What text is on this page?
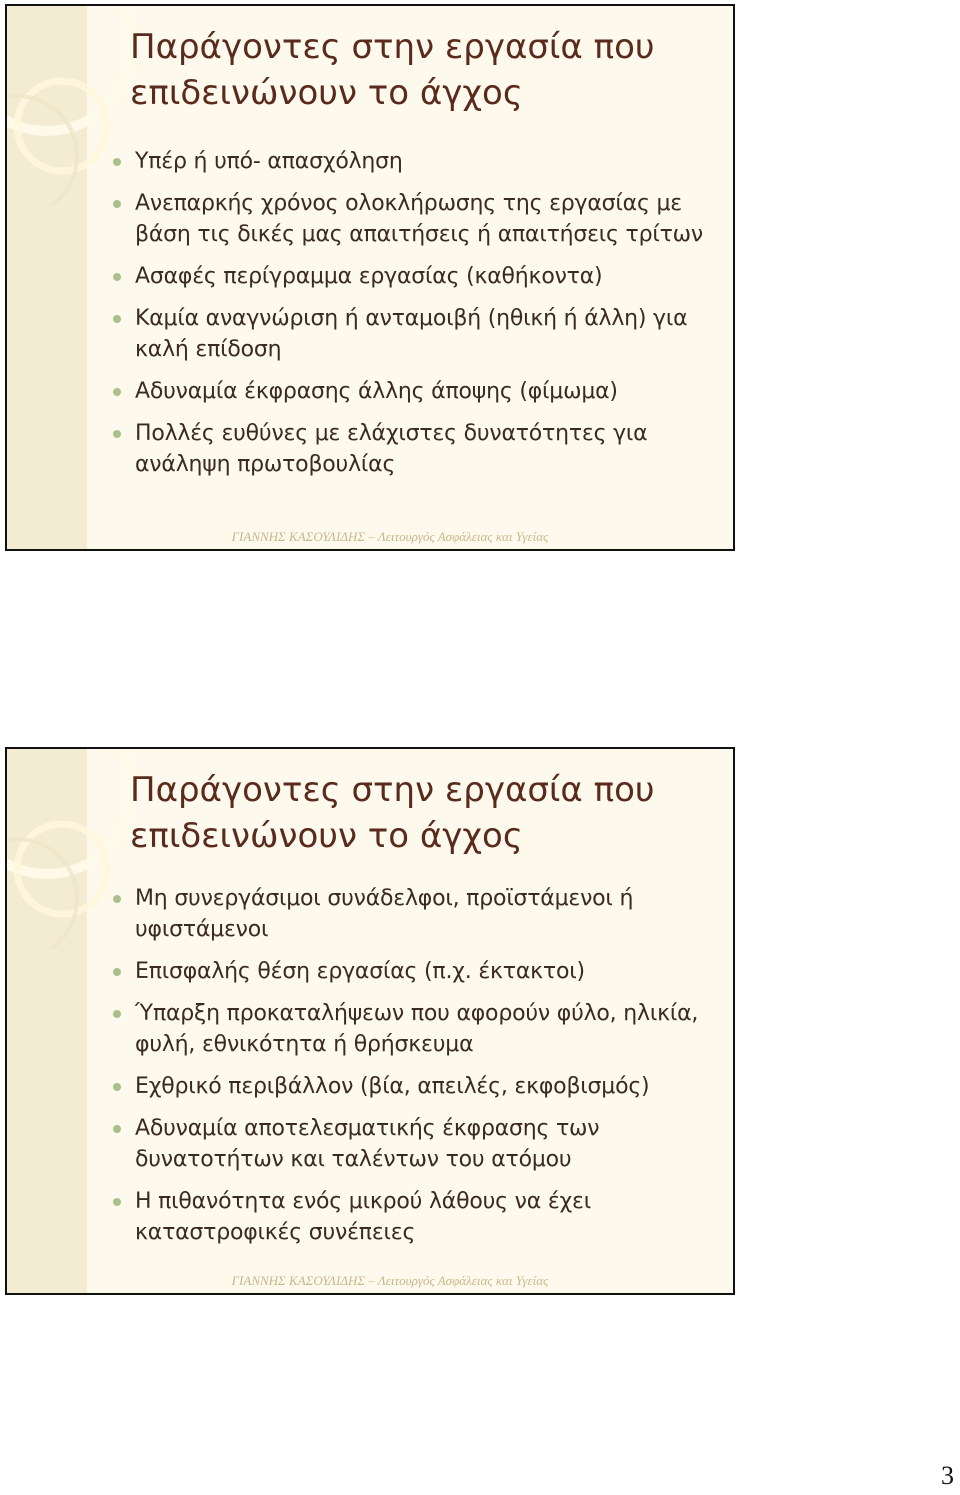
Παράγοντες στην εργασία που
επιδεινώνουν το άγχος
Υπέρ ή υπό- απασχόληση
Ανεπαρκής χρόνος ολοκλήρωσης της εργασίας με βάση τις δικές μας απαιτήσεις ή απαιτήσεις τρίτων
Ασαφές περίγραμμα εργασίας (καθήκοντα)
Καμία αναγνώριση ή ανταμοιβή (ηθική ή άλλη) για καλή επίδοση
Αδυναμία έκφρασης άλλης άποψης (φίμωμα)
Πολλές ευθύνες με ελάχιστες δυνατότητες για ανάληψη πρωτοβουλίας
ΓΙΑΝΝΗΣ ΚΑΣΟΥΛΙΔΗΣ – Λειτουργός Ασφάλειας και Υγείας
Παράγοντες στην εργασία που
επιδεινώνουν το άγχος
Μη συνεργάσιμοι συνάδελφοι, προϊστάμενοι ή υφιστάμενοι
Επισφαλής θέση εργασίας (π.χ. έκτακτοι)
Ύπαρξη προκαταλήψεων που αφορούν φύλο, ηλικία, φυλή, εθνικότητα ή θρήσκευμα
Εχθρικό περιβάλλον (βία, απειλές, εκφοβισμός)
Αδυναμία αποτελεσματικής έκφρασης των δυνατοτήτων και ταλέντων του ατόμου
Η πιθανότητα ενός μικρού λάθους να έχει καταστροφικές συνέπειες
ΓΙΑΝΝΗΣ ΚΑΣΟΥΛΙΔΗΣ – Λειτουργός Ασφάλειας και Υγείας
3
